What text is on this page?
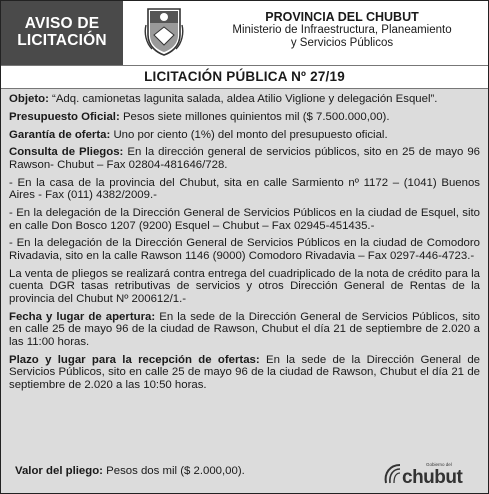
AVISO DE
LICITACIÓN
PROVINCIA DEL CHUBUT
Ministerio de Infraestructura, Planeamiento
y Servicios Públicos
LICITACIÓN PÚBLICA Nº 27/19

Objeto: “Adq. camionetas lagunita salada, aldea Atilio Viglione y delegación Esquel”.

Presupuesto Oficial: Pesos siete millones quinientos mil ($ 7.500.000,00).

Garantía de oferta: Uno por ciento (1%) del monto del presupuesto oficial.

Consulta de Pliegos: En la dirección general de servicios públicos, sito en 25 de mayo 96 Rawson- Chubut – Fax 02804-481646/728.

- En la casa de la provincia del Chubut, sita en calle Sarmiento nº 1172 – (1041) Buenos Aires - Fax (011) 4382/2009.-

- En la delegación de la Dirección General de Servicios Públicos en la ciudad de Esquel, sito en calle Don Bosco 1207 (9200) Esquel – Chubut – Fax 02945-451435.-

- En la delegación de la Dirección General de Servicios Públicos en la ciudad de Comodoro Rivadavia, sito en la calle Rawson 1146 (9000) Comodoro Rivadavia – Fax 0297-446-4723.-

La venta de pliegos se realizará contra entrega del cuadriplicado de la nota de crédito para la cuenta DGR tasas retributivas de servicios y otros Dirección General de Rentas de la provincia del Chubut Nº 200612/1.-

Fecha y lugar de apertura: En la sede de la Dirección General de Servicios Públicos, sito en calle 25 de mayo 96 de la ciudad de Rawson, Chubut el día 21 de septiembre de 2.020 a las 11:00 horas.

Plazo y lugar para la recepción de ofertas: En la sede de la Dirección General de Servicios Públicos, sito en calle 25 de mayo 96 de la ciudad de Rawson, Chubut el día 21 de septiembre de 2.020 a las 10:50 horas.

Valor del pliego: Pesos dos mil ($ 2.000,00).
Gobierno del
chubut
